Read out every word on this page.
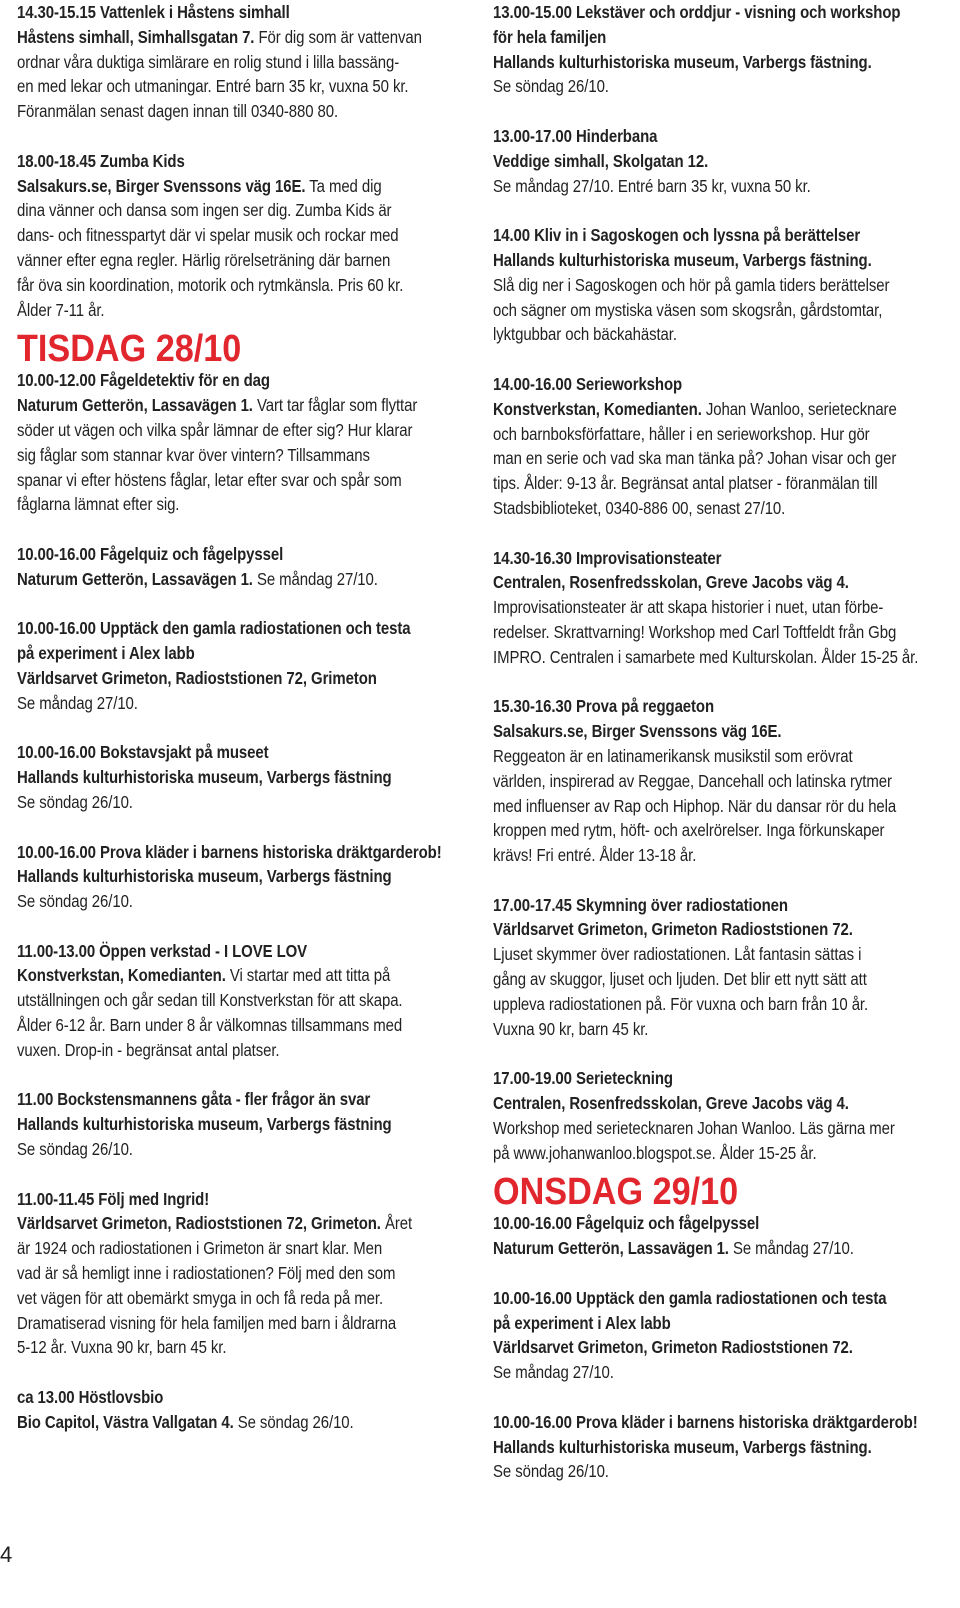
14.30-15.15 Vattenlek i Håstens simhall
Håstens simhall, Simhallsgatan 7. För dig som är vattenvan
ordnar våra duktiga simlärare en rolig stund i lilla bassäng-
en med lekar och utmaningar. Entré barn 35 kr, vuxna 50 kr.
Föranmälan senast dagen innan till 0340-880 80.
18.00-18.45 Zumba Kids
Salsakurs.se, Birger Svenssons väg 16E. Ta med dig
dina vänner och dansa som ingen ser dig. Zumba Kids är
dans- och fitnesspartyt där vi spelar musik och rockar med
vänner efter egna regler. Härlig rörelseträning där barnen
får öva sin koordination, motorik och rytmkänsla. Pris 60 kr.
Ålder 7-11 år.
TISDAG 28/10
10.00-12.00 Fågeldetektiv för en dag
Naturum Getterön, Lassavägen 1. Vart tar fåglar som flyttar
söder ut vägen och vilka spår lämnar de efter sig? Hur klarar
sig fåglar som stannar kvar över vintern? Tillsammans
spanar vi efter höstens fåglar, letar efter svar och spår som
fåglarna lämnat efter sig.
10.00-16.00 Fågelquiz och fågelpyssel
Naturum Getterön, Lassavägen 1. Se måndag 27/10.
10.00-16.00 Upptäck den gamla radiostationen och testa
på experiment i Alex labb
Världsarvet Grimeton, Radioststionen 72, Grimeton
Se måndag 27/10.
10.00-16.00 Bokstavsjakt på museet
Hallands kulturhistoriska museum, Varbergs fästning
Se söndag 26/10.
10.00-16.00 Prova kläder i barnens historiska dräktgarderob!
Hallands kulturhistoriska museum, Varbergs fästning
Se söndag 26/10.
11.00-13.00 Öppen verkstad - I LOVE LOV
Konstverkstan, Komedianten. Vi startar med att titta på
utställningen och går sedan till Konstverkstan för att skapa.
Ålder 6-12 år. Barn under 8 år välkomnas tillsammans med
vuxen. Drop-in - begränsat antal platser.
11.00 Bockstensmannens gåta - fler frågor än svar
Hallands kulturhistoriska museum, Varbergs fästning
Se söndag 26/10.
11.00-11.45 Följ med Ingrid!
Världsarvet Grimeton, Radioststionen 72, Grimeton. Året
är 1924 och radiostationen i Grimeton är snart klar. Men
vad är så hemligt inne i radiostationen? Följ med den som
vet vägen för att obemärkt smyga in och få reda på mer.
Dramatiserad visning för hela familjen med barn i åldrarna
5-12 år. Vuxna 90 kr, barn 45 kr.
ca 13.00 Höstlovsbio
Bio Capitol, Västra Vallgatan 4. Se söndag 26/10.
13.00-15.00 Lekstäver och orddjur - visning och workshop
för hela familjen
Hallands kulturhistoriska museum, Varbergs fästning.
Se söndag 26/10.
13.00-17.00 Hinderbana
Veddige simhall, Skolgatan 12.
Se måndag 27/10. Entré barn 35 kr, vuxna 50 kr.
14.00 Kliv in i Sagoskogen och lyssna på berättelser
Hallands kulturhistoriska museum, Varbergs fästning.
Slå dig ner i Sagoskogen och hör på gamla tiders berättelser
och sägner om mystiska väsen som skogsrån, gårdstomtar,
lyktgubbar och bäckahästar.
14.00-16.00 Serieworkshop
Konstverkstan, Komedianten. Johan Wanloo, serietecknare
och barnboksförfattare, håller i en serieworkshop. Hur gör
man en serie och vad ska man tänka på? Johan visar och ger
tips. Ålder: 9-13 år. Begränsat antal platser - föranmälan till
Stadsbiblioteket, 0340-886 00, senast 27/10.
14.30-16.30 Improvisationsteater
Centralen, Rosenfredsskolan, Greve Jacobs väg 4.
Improvisationsteater är att skapa historier i nuet, utan förbe-
redelser. Skrattvarning! Workshop med Carl Toftfeldt från Gbg
IMPRO. Centralen i samarbete med Kulturskolan. Ålder 15-25 år.
15.30-16.30 Prova på reggaeton
Salsakurs.se, Birger Svenssons väg 16E.
Reggeaton är en latinamerikansk musikstil som erövrat
världen, inspirerad av Reggae, Dancehall och latinska rytmer
med influenser av Rap och Hiphop. När du dansar rör du hela
kroppen med rytm, höft- och axelrörelser. Inga förkunskaper
krävs! Fri entré. Ålder 13-18 år.
17.00-17.45 Skymning över radiostationen
Världsarvet Grimeton, Grimeton Radioststionen 72.
Ljuset skymmer över radiostationen. Låt fantasin sättas i
gång av skuggor, ljuset och ljuden. Det blir ett nytt sätt att
uppleva radiostationen på. För vuxna och barn från 10 år.
Vuxna 90 kr, barn 45 kr.
17.00-19.00 Serieteckning
Centralen, Rosenfredsskolan, Greve Jacobs väg 4.
Workshop med serietecknaren Johan Wanloo. Läs gärna mer
på www.johanwanloo.blogspot.se. Ålder 15-25 år.
ONSDAG 29/10
10.00-16.00 Fågelquiz och fågelpyssel
Naturum Getterön, Lassavägen 1. Se måndag 27/10.
10.00-16.00 Upptäck den gamla radiostationen och testa
på experiment i Alex labb
Världsarvet Grimeton, Grimeton Radioststionen 72.
Se måndag 27/10.
10.00-16.00 Prova kläder i barnens historiska dräktgarderob!
Hallands kulturhistoriska museum, Varbergs fästning.
Se söndag 26/10.
4
